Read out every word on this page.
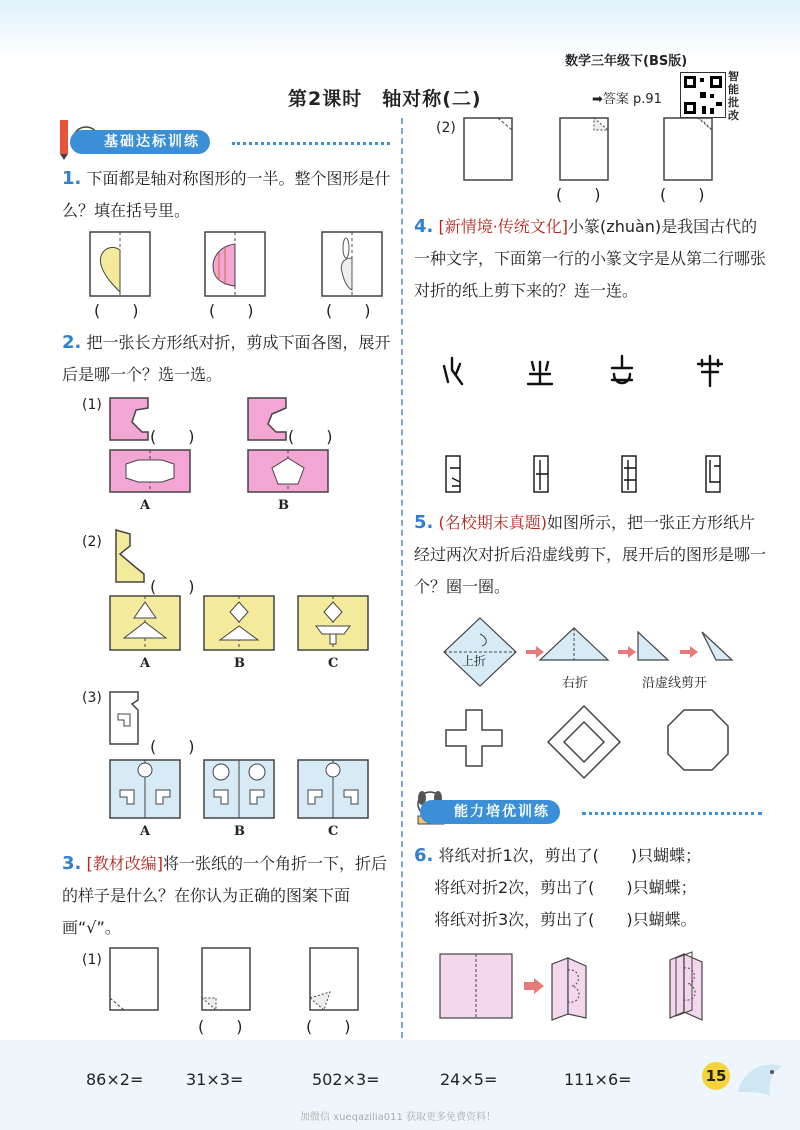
数学三年级下(BS版)
第2课时　轴对称(二)	➡答案 p.91
智能批改
基础达标训练
1. 下面都是轴对称图形的一半。整个图形是什么？填在括号里。
(　　)	(　　)	(　　)
2. 把一张长方形纸对折，剪成下面各图，展开后是哪一个？选一选。
(1)
(　　)	(　　)
A	B
(2)
(　　)
A	B	C
(3)
(　　)
A	B	C
3. [教材改编]将一张纸的一个角折一下，折后的样子是什么？在你认为正确的图案下面画“√”。
(1)
(　　)	(　　)
(2)
(　　)	(　　)
4. [新情境·传统文化]小篆(zhuàn)是我国古代的一种文字，下面第一行的小篆文字是从第二行哪张对折的纸上剪下来的？连一连。
5. (名校期末真题)如图所示，把一张正方形纸片经过两次对折后沿虚线剪下，展开后的图形是哪一个？圈一圈。
上折
右折	沿虚线剪开
能力培优训练
6. 将纸对折1次，剪出了(　　)只蝴蝶；
将纸对折2次，剪出了(　　)只蝴蝶；
将纸对折3次，剪出了(　　)只蝴蝶。
86×2=	31×3=	502×3=	24×5=	111×6=	15
加微信 xueqazilia011 获取更多免费资料！
